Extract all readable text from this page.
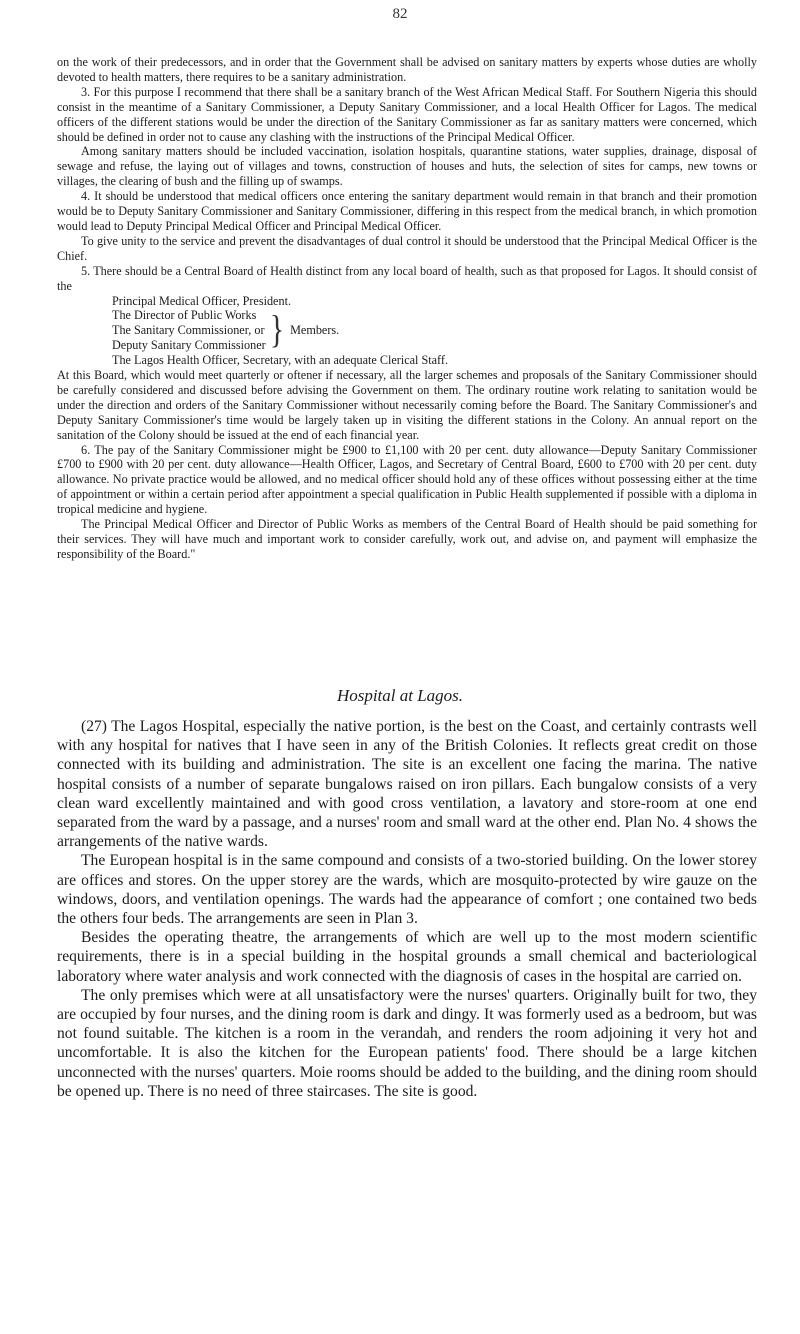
82

on the work of their predecessors, and in order that the Government shall be advised on sanitary matters by experts whose duties are wholly devoted to health matters, there requires to be a sanitary administration.

3. For this purpose I recommend that there shall be a sanitary branch of the West African Medical Staff. For Southern Nigeria this should consist in the meantime of a Sanitary Commissioner, a Deputy Sanitary Commissioner, and a local Health Officer for Lagos. The medical officers of the different stations would be under the direction of the Sanitary Commissioner as far as sanitary matters were concerned, which should be defined in order not to cause any clashing with the instructions of the Principal Medical Officer.

Among sanitary matters should be included vaccination, isolation hospitals, quarantine stations, water supplies, drainage, disposal of sewage and refuse, the laying out of villages and towns, construction of houses and huts, the selection of sites for camps, new towns or villages, the clearing of bush and the filling up of swamps.

4. It should be understood that medical officers once entering the sanitary department would remain in that branch and their promotion would be to Deputy Sanitary Commissioner and Sanitary Commissioner, differing in this respect from the medical branch, in which promotion would lead to Deputy Principal Medical Officer and Principal Medical Officer.

To give unity to the service and prevent the disadvantages of dual control it should be understood that the Principal Medical Officer is the Chief.

5. There should be a Central Board of Health distinct from any local board of health, such as that proposed for Lagos. It should consist of the

Principal Medical Officer, President.
The Director of Public Works
The Sanitary Commissioner, or
Deputy Sanitary Commissioner } Members.
The Lagos Health Officer, Secretary, with an adequate Clerical Staff.

At this Board, which would meet quarterly or oftener if necessary, all the larger schemes and proposals of the Sanitary Commissioner should be carefully considered and discussed before advising the Government on them. The ordinary routine work relating to sanitation would be under the direction and orders of the Sanitary Commissioner without necessarily coming before the Board. The Sanitary Commissioner's and Deputy Sanitary Commissioner's time would be largely taken up in visiting the different stations in the Colony. An annual report on the sanitation of the Colony should be issued at the end of each financial year.

6. The pay of the Sanitary Commissioner might be £900 to £1,100 with 20 per cent. duty allowance—Deputy Sanitary Commissioner £700 to £900 with 20 per cent. duty allowance—Health Officer, Lagos, and Secretary of Central Board, £600 to £700 with 20 per cent. duty allowance. No private practice would be allowed, and no medical officer should hold any of these offices without possessing either at the time of appointment or within a certain period after appointment a special qualification in Public Health supplemented if possible with a diploma in tropical medicine and hygiene.

The Principal Medical Officer and Director of Public Works as members of the Central Board of Health should be paid something for their services. They will have much and important work to consider carefully, work out, and advise on, and payment will emphasize the responsibility of the Board."

Hospital at Lagos.

(27) The Lagos Hospital, especially the native portion, is the best on the Coast, and certainly contrasts well with any hospital for natives that I have seen in any of the British Colonies. It reflects great credit on those connected with its building and administration. The site is an excellent one facing the marina. The native hospital consists of a number of separate bungalows raised on iron pillars. Each bungalow consists of a very clean ward excellently maintained and with good cross ventilation, a lavatory and store-room at one end separated from the ward by a passage, and a nurses' room and small ward at the other end. Plan No. 4 shows the arrangements of the native wards.

The European hospital is in the same compound and consists of a two-storied building. On the lower storey are offices and stores. On the upper storey are the wards, which are mosquito-protected by wire gauze on the windows, doors, and ventilation openings. The wards had the appearance of comfort ; one contained two beds the others four beds. The arrangements are seen in Plan 3.

Besides the operating theatre, the arrangements of which are well up to the most modern scientific requirements, there is in a special building in the hospital grounds a small chemical and bacteriological laboratory where water analysis and work connected with the diagnosis of cases in the hospital are carried on.

The only premises which were at all unsatisfactory were the nurses' quarters. Originally built for two, they are occupied by four nurses, and the dining room is dark and dingy. It was formerly used as a bedroom, but was not found suitable. The kitchen is a room in the verandah, and renders the room adjoining it very hot and uncomfortable. It is also the kitchen for the European patients' food. There should be a large kitchen unconnected with the nurses' quarters. Moie rooms should be added to the building, and the dining room should be opened up. There is no need of three staircases. The site is good.
